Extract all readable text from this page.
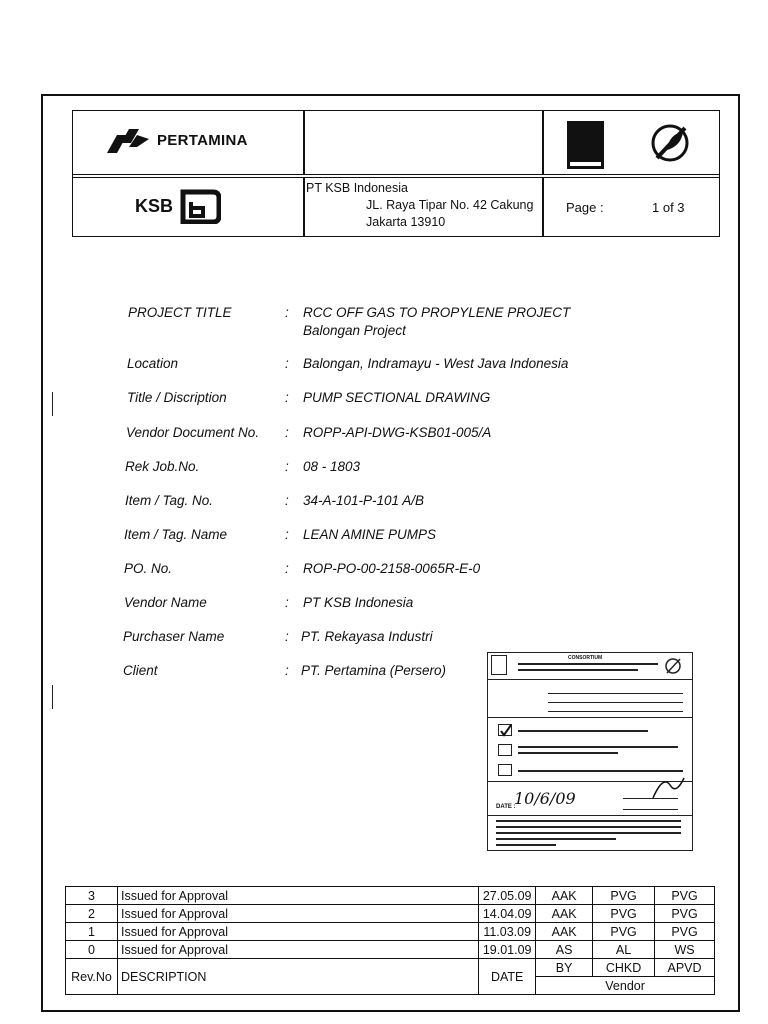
PERTAMINA
KSB
PT KSB Indonesia
JL. Raya Tipar No. 42 Cakung
Jakarta 13910
Page :	1 of 3
PROJECT TITLE	: RCC OFF GAS TO PROPYLENE PROJECT
Balongan Project
Location	: Balongan, Indramayu - West Java Indonesia
Title / Discription	: PUMP SECTIONAL DRAWING
Vendor Document No. : ROPP-API-DWG-KSB01-005/A
Rek Job.No.	: 08 - 1803
Item / Tag. No.	: 34-A-101-P-101 A/B
Item / Tag. Name	: LEAN AMINE PUMPS
PO. No.	: ROP-PO-00-2158-0065R-E-0
Vendor Name	: PT KSB Indonesia
Purchaser Name	: PT. Rekayasa Industri
Client	: PT. Pertamina (Persero)
CONSORTIUM
DATE :
10/6/09
3	Issued for Approval	27.05.09	AAK	PVG	PVG
2	Issued for Approval	14.04.09	AAK	PVG	PVG
1	Issued for Approval	11.03.09	AAK	PVG	PVG
0	Issued for Approval	19.01.09	AS	AL	WS
Rev.No	DESCRIPTION	DATE	BY	CHKD	APVD
			Vendor		
